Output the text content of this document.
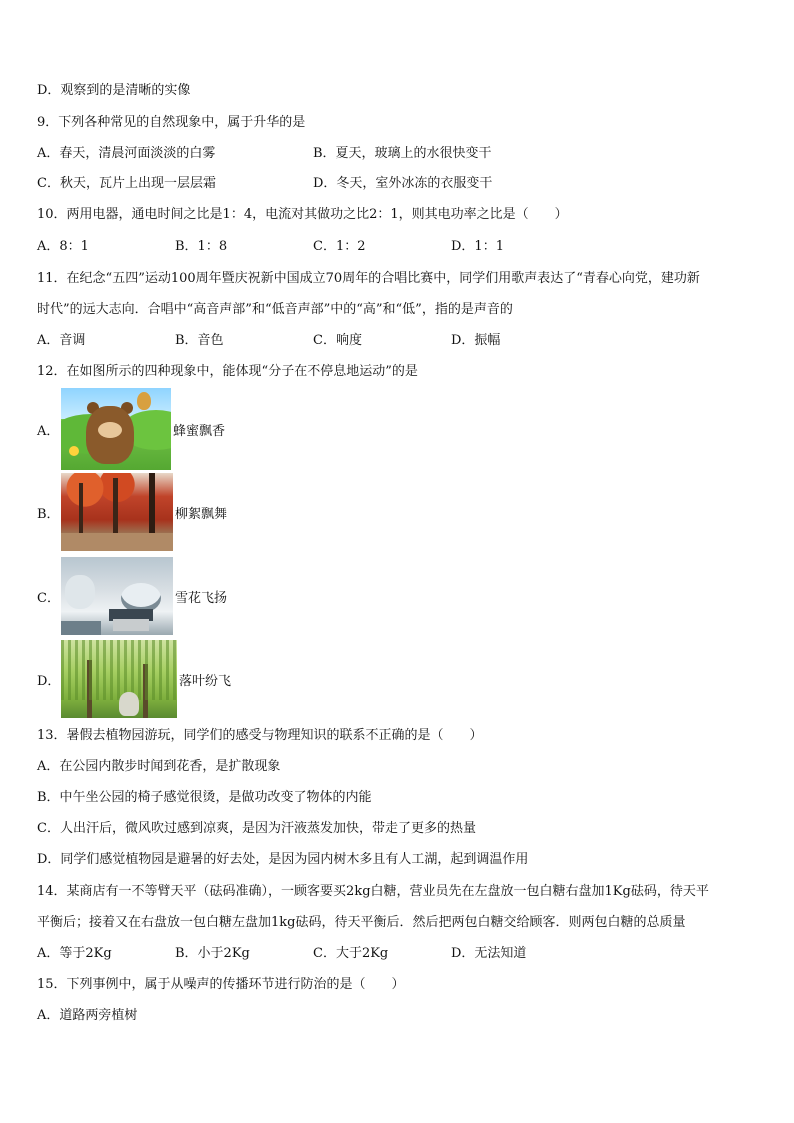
D．观察到的是清晰的实像
9．下列各种常见的自然现象中，属于升华的是
A．春天，清晨河面淡淡的白雾	B．夏天，玻璃上的水很快变干
C．秋天，瓦片上出现一层层霜	D．冬天，室外冰冻的衣服变干
10．两用电器，通电时间之比是1：4，电流对其做功之比2：1，则其电功率之比是（　　）
A．8：1	B．1：8	C．1：2	D．1：1
11．在纪念“五四”运动100周年暨庆祝新中国成立70周年的合唱比赛中，同学们用歌声表达了“青春心向党，建功新
时代”的远大志向．合唱中“高音声部”和“低音声部”中的“高”和“低”，指的是声音的
A．音调	B．音色	C．响度	D．振幅
12．在如图所示的四种现象中，能体现“分子在不停息地运动”的是
A．	蜂蜜飘香
B．	柳絮飘舞
C．	雪花飞扬
D．	落叶纷飞
13．暑假去植物园游玩，同学们的感受与物理知识的联系不正确的是（　　）
A．在公园内散步时闻到花香，是扩散现象
B．中午坐公园的椅子感觉很烫，是做功改变了物体的内能
C．人出汗后，微风吹过感到凉爽，是因为汗液蒸发加快，带走了更多的热量
D．同学们感觉植物园是避暑的好去处，是因为园内树木多且有人工湖，起到调温作用
14．某商店有一不等臂天平（砝码准确），一顾客要买2kg白糖，营业员先在左盘放一包白糖右盘加1Kg砝码，待天平
平衡后；接着又在右盘放一包白糖左盘加1kg砝码，待天平衡后．然后把两包白糖交给顾客．则两包白糖的总质量
A．等于2Kg	B．小于2Kg	C．大于2Kg	D．无法知道
15．下列事例中，属于从噪声的传播环节进行防治的是（　　）
A．道路两旁植树
